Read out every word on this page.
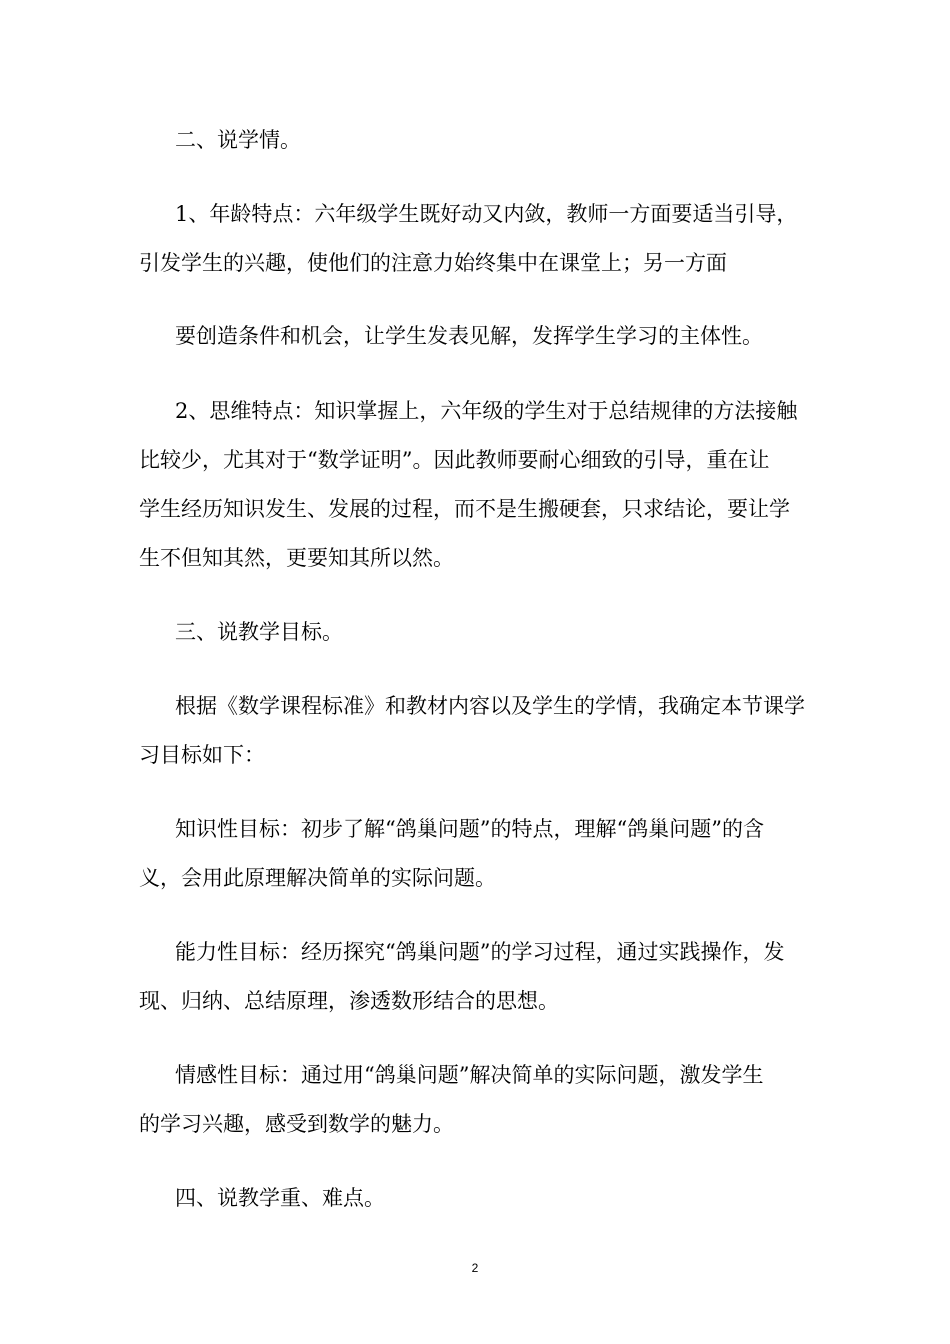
二、说学情。
1、年龄特点：六年级学生既好动又内敛，教师一方面要适当引导，
引发学生的兴趣，使他们的注意力始终集中在课堂上；另一方面
要创造条件和机会，让学生发表见解，发挥学生学习的主体性。
2、思维特点：知识掌握上，六年级的学生对于总结规律的方法接触
比较少，尤其对于“数学证明”。因此教师要耐心细致的引导，重在让
学生经历知识发生、发展的过程，而不是生搬硬套，只求结论，要让学
生不但知其然，更要知其所以然。
三、说教学目标。
根据《数学课程标准》和教材内容以及学生的学情，我确定本节课学
习目标如下：
知识性目标：初步了解“鸽巢问题”的特点，理解“鸽巢问题”的含
义，会用此原理解决简单的实际问题。
能力性目标：经历探究“鸽巢问题”的学习过程，通过实践操作，发
现、归纳、总结原理，渗透数形结合的思想。
情感性目标：通过用“鸽巢问题”解决简单的实际问题，激发学生
的学习兴趣，感受到数学的魅力。
四、说教学重、难点。
2
